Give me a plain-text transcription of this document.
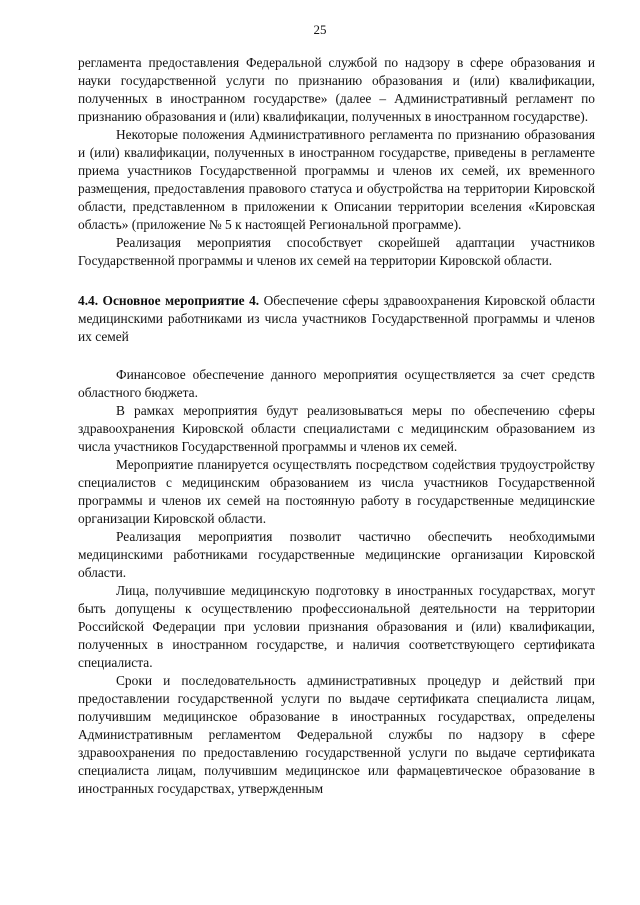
25

регламента предоставления Федеральной службой по надзору в сфере образования и науки государственной услуги по признанию образования и (или) квалификации, полученных в иностранном государстве» (далее – Административный регламент по признанию образования и (или) квалификации, полученных в иностранном государстве).

Некоторые положения Административного регламента по признанию образования и (или) квалификации, полученных в иностранном государстве, приведены в регламенте приема участников Государственной программы и членов их семей, их временного размещения, предоставления правового статуса и обустройства на территории Кировской области, представленном в приложении к Описании территории вселения «Кировская область» (приложение № 5 к настоящей Региональной программе).

Реализация мероприятия способствует скорейшей адаптации участников Государственной программы и членов их семей на территории Кировской области.

4.4. Основное мероприятие 4. Обеспечение сферы здравоохранения Кировской области медицинскими работниками из числа участников Государственной программы и членов их семей

Финансовое обеспечение данного мероприятия осуществляется за счет средств областного бюджета.

В рамках мероприятия будут реализовываться меры по обеспечению сферы здравоохранения Кировской области специалистами с медицинским образованием из числа участников Государственной программы и членов их семей.

Мероприятие планируется осуществлять посредством содействия трудоустройству специалистов с медицинским образованием из числа участников Государственной программы и членов их семей на постоянную работу в государственные медицинские организации Кировской области.

Реализация мероприятия позволит частично обеспечить необходимыми медицинскими работниками государственные медицинские организации Кировской области.

Лица, получившие медицинскую подготовку в иностранных государствах, могут быть допущены к осуществлению профессиональной деятельности на территории Российской Федерации при условии признания образования и (или) квалификации, полученных в иностранном государстве, и наличия соответствующего сертификата специалиста.

Сроки и последовательность административных процедур и действий при предоставлении государственной услуги по выдаче сертификата специалиста лицам, получившим медицинское образование в иностранных государствах, определены Административным регламентом Федеральной службы по надзору в сфере здравоохранения по предоставлению государственной услуги по выдаче сертификата специалиста лицам, получившим медицинское или фармацевтическое образование в иностранных государствах, утвержденным
